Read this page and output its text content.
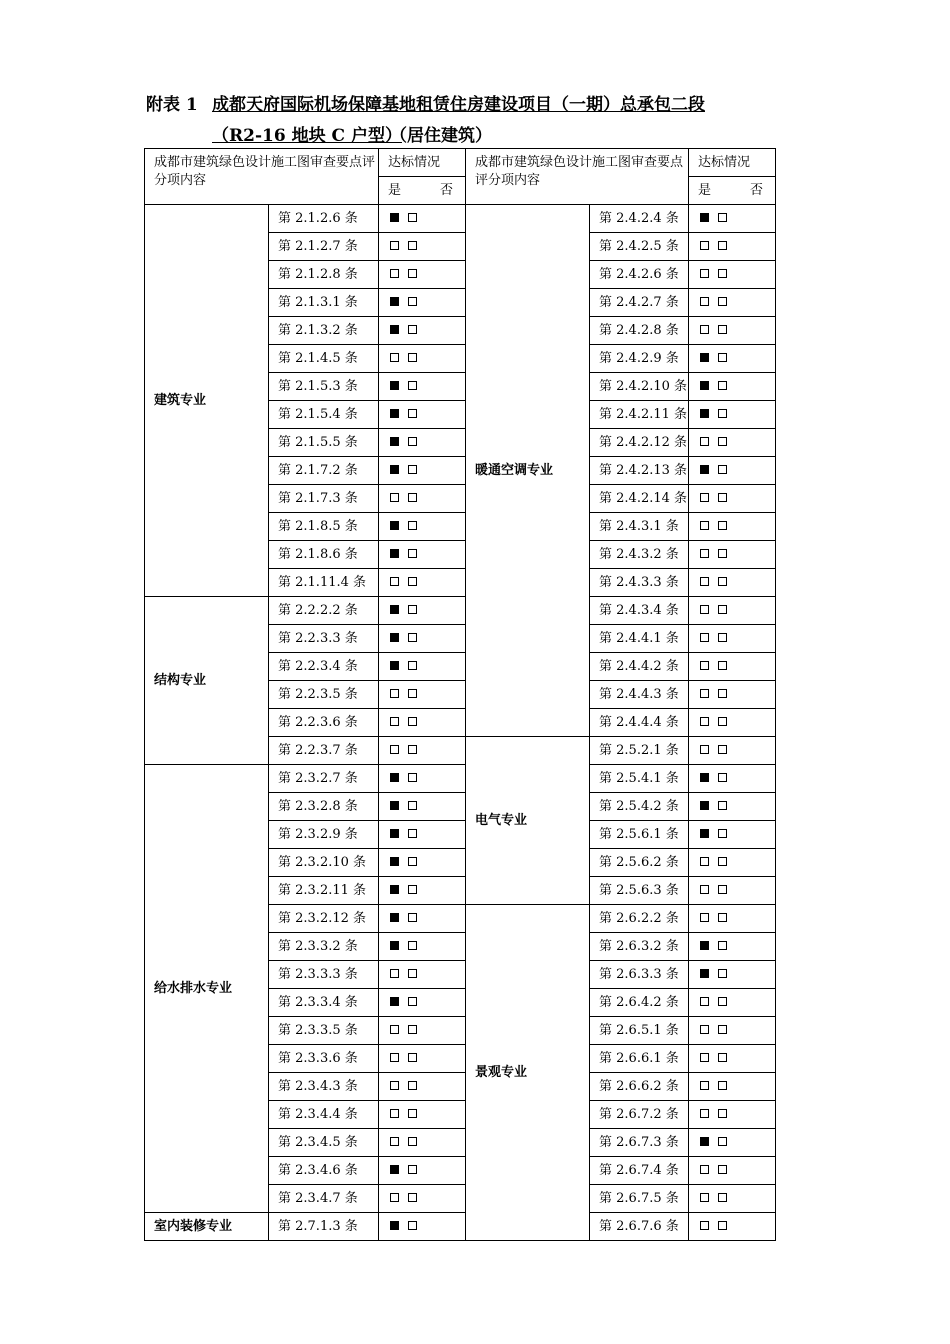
附表 1 成都天府国际机场保障基地租赁住房建设项目（一期）总承包二段
（R2-16 地块 C 户型）
（居住建筑）
成都市建筑绿色设计施工图审查要点评分项内容		达标情况	成都市建筑绿色设计施工图审查要点评分项内容		达标情况
		是 否			是 否

建筑专业	第 2.1.2.6 条		暖通空调专业	第 2.4.2.4 条	
	第 2.1.2.7 条			第 2.4.2.5 条	
	第 2.1.2.8 条			第 2.4.2.6 条	
	第 2.1.3.1 条			第 2.4.2.7 条	
	第 2.1.3.2 条			第 2.4.2.8 条	
	第 2.1.4.5 条			第 2.4.2.9 条	
	第 2.1.5.3 条			第 2.4.2.10 条	
	第 2.1.5.4 条			第 2.4.2.11 条	
	第 2.1.5.5 条			第 2.4.2.12 条	
	第 2.1.7.2 条			第 2.4.2.13 条	
	第 2.1.7.3 条			第 2.4.2.14 条	
	第 2.1.8.5 条			第 2.4.3.1 条	
	第 2.1.8.6 条			第 2.4.3.2 条	
	第 2.1.11.4 条			第 2.4.3.3 条	
结构专业	第 2.2.2.2 条			第 2.4.3.4 条	
	第 2.2.3.3 条			第 2.4.4.1 条	
	第 2.2.3.4 条			第 2.4.4.2 条	
	第 2.2.3.5 条			第 2.4.4.3 条	
	第 2.2.3.6 条			第 2.4.4.4 条	
	第 2.2.3.7 条		电气专业	第 2.5.2.1 条	
给水排水专业	第 2.3.2.7 条			第 2.5.4.1 条	
	第 2.3.2.8 条			第 2.5.4.2 条	
	第 2.3.2.9 条			第 2.5.6.1 条	
	第 2.3.2.10 条			第 2.5.6.2 条	
	第 2.3.2.11 条			第 2.5.6.3 条	
	第 2.3.2.12 条		景观专业	第 2.6.2.2 条	
	第 2.3.3.2 条			第 2.6.3.2 条	
	第 2.3.3.3 条			第 2.6.3.3 条	
	第 2.3.3.4 条			第 2.6.4.2 条	
	第 2.3.3.5 条			第 2.6.5.1 条	
	第 2.3.3.6 条			第 2.6.6.1 条	
	第 2.3.4.3 条			第 2.6.6.2 条	
	第 2.3.4.4 条			第 2.6.7.2 条	
	第 2.3.4.5 条			第 2.6.7.3 条	
	第 2.3.4.6 条			第 2.6.7.4 条	
	第 2.3.4.7 条			第 2.6.7.5 条	
室内装修专业	第 2.7.1.3 条			第 2.6.7.6 条	
